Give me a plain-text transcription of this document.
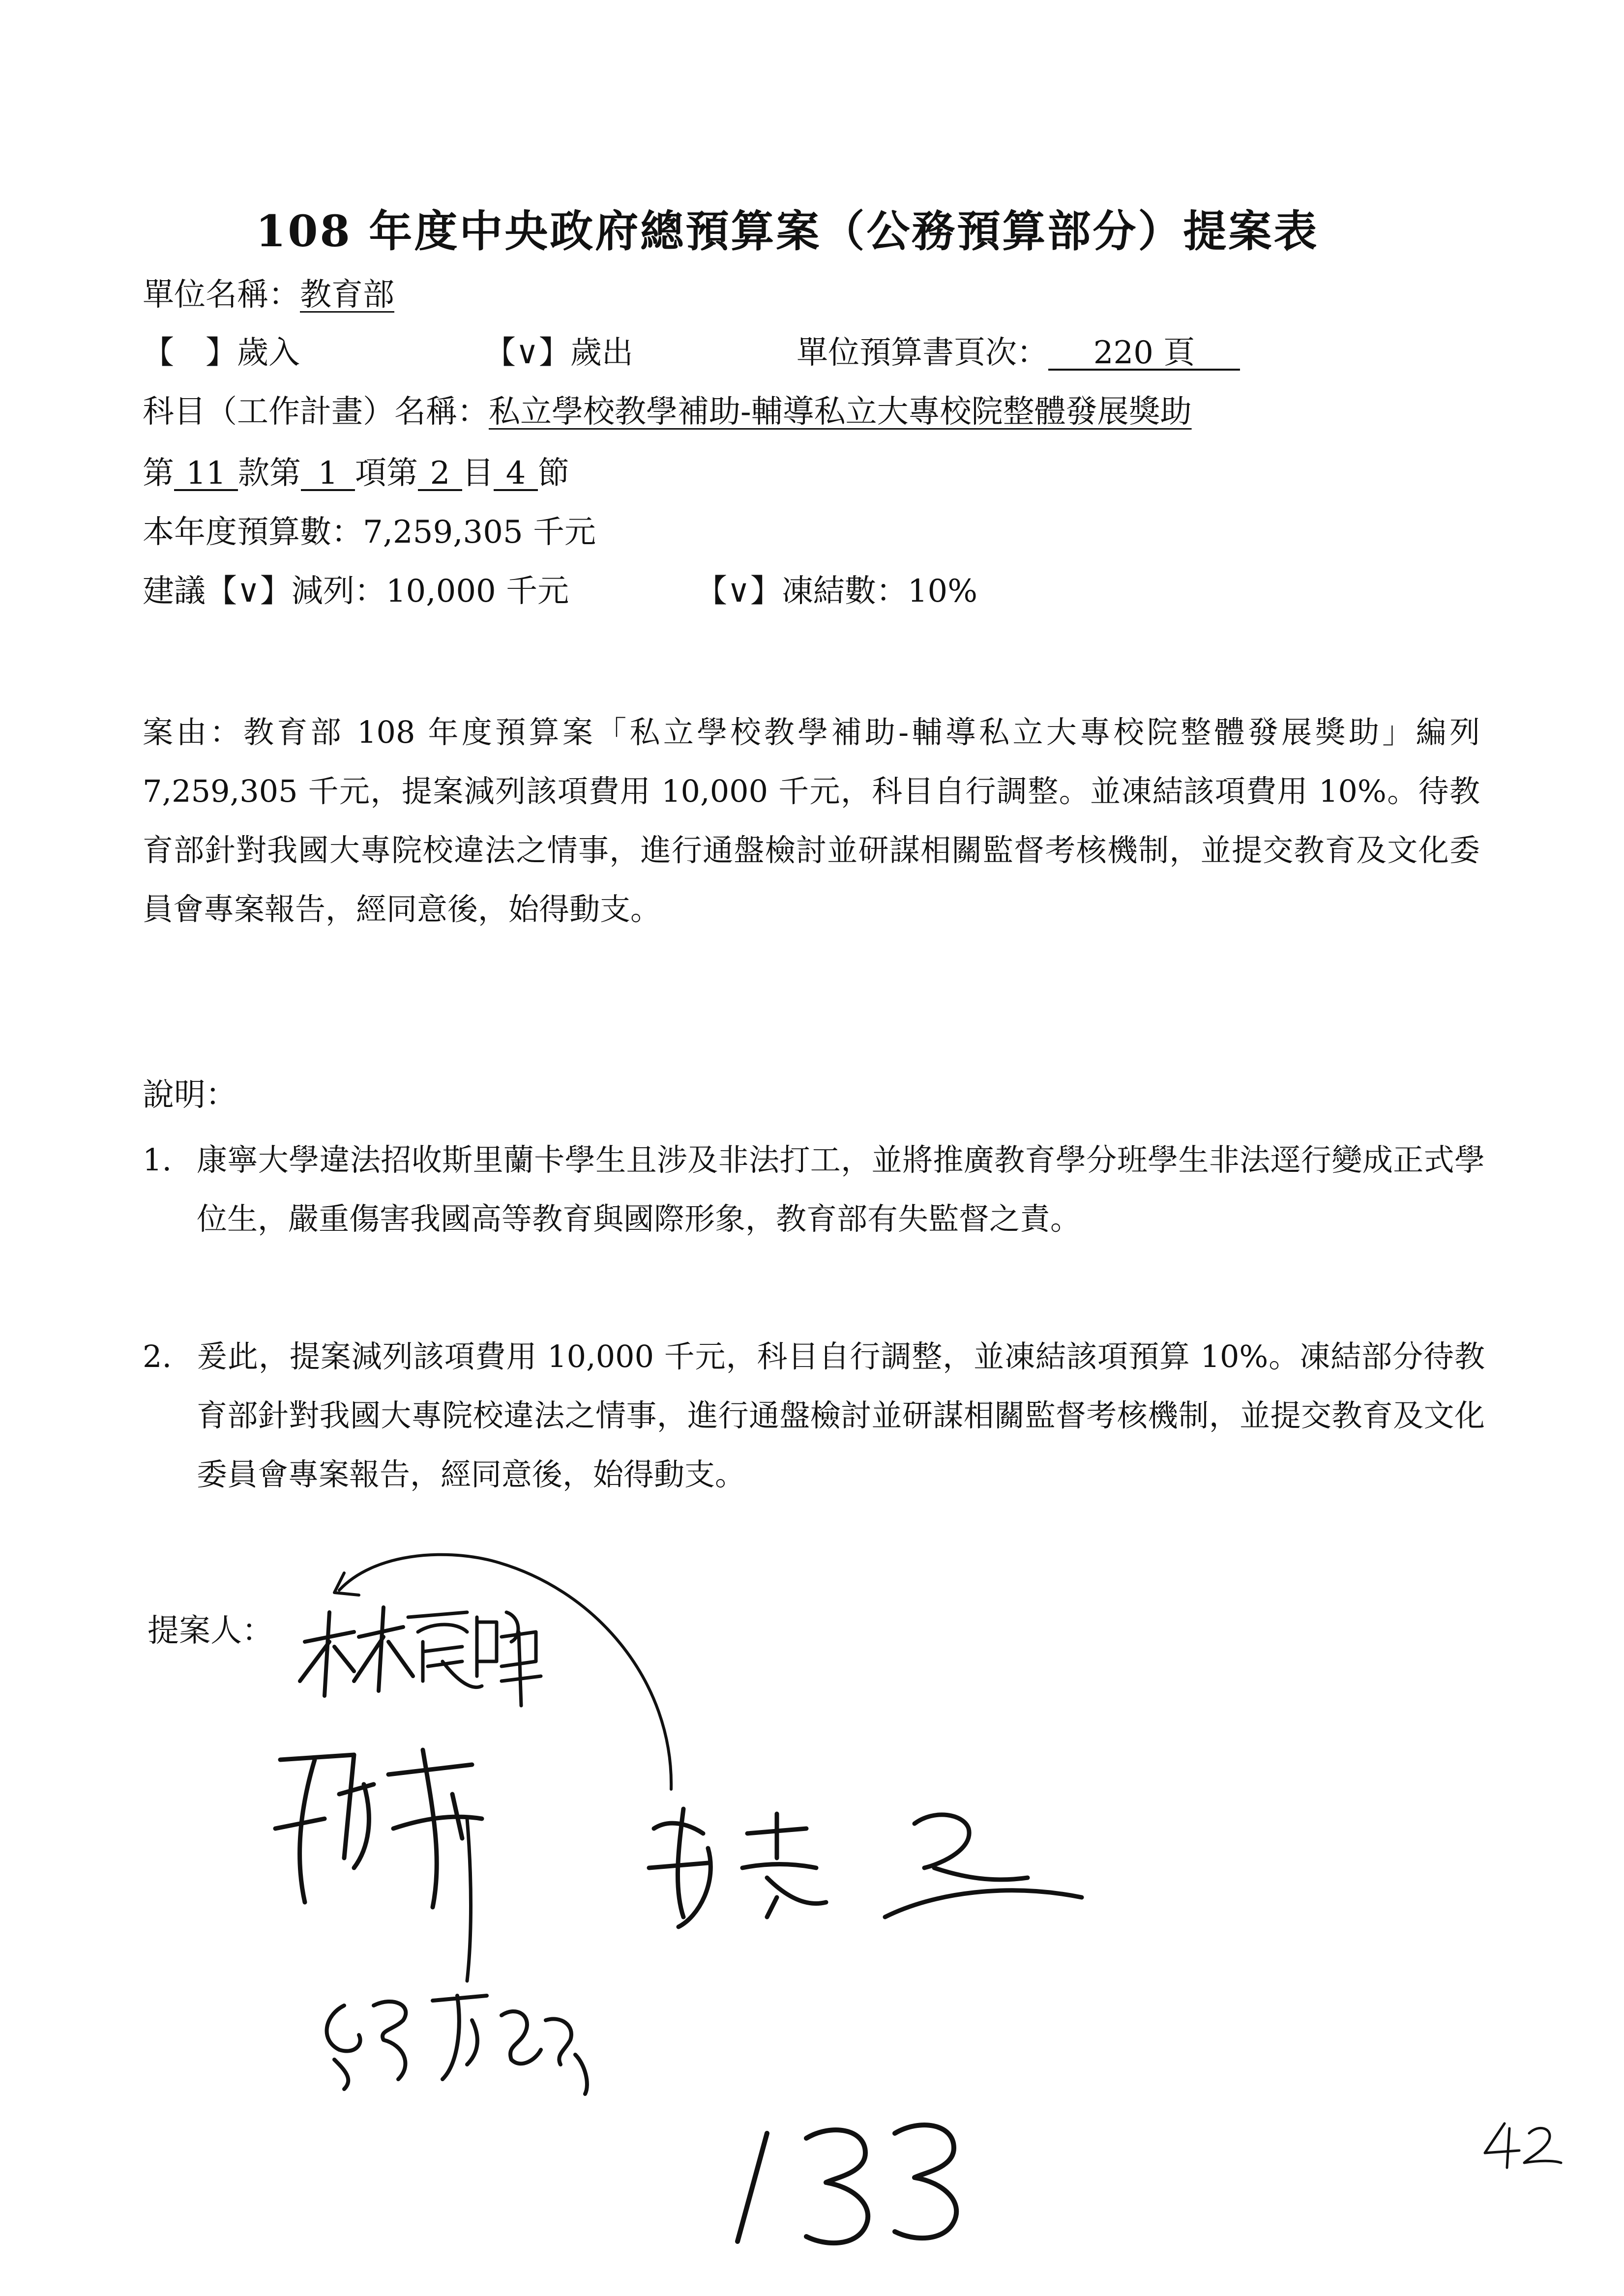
108 年度中央政府總預算案（公務預算部分）提案表
單位名稱：教育部
【　】歲入	【∨】歲出	單位預算書頁次： 220 頁
科目（工作計畫）名稱：私立學校教學補助-輔導私立大專校院整體發展獎助
第 11 款第 1 項第 2 目 4 節
本年度預算數：7,259,305 千元
建議【∨】減列：10,000 千元	【∨】凍結數：10%
案由：教育部 108 年度預算案「私立學校教學補助-輔導私立大專校院整體發展獎助」編列 7,259,305 千元，提案減列該項費用 10,000 千元，科目自行調整。並凍結該項費用 10%。待教育部針對我國大專院校違法之情事，進行通盤檢討並研謀相關監督考核機制，並提交教育及文化委員會專案報告，經同意後，始得動支。
說明：
1. 康寧大學違法招收斯里蘭卡學生且涉及非法打工，並將推廣教育學分班學生非法逕行變成正式學位生，嚴重傷害我國高等教育與國際形象，教育部有失監督之責。
2. 爰此，提案減列該項費用 10,000 千元，科目自行調整，並凍結該項預算 10%。凍結部分待教育部針對我國大專院校違法之情事，進行通盤檢討並研謀相關監督考核機制，並提交教育及文化委員會專案報告，經同意後，始得動支。
提案人：
